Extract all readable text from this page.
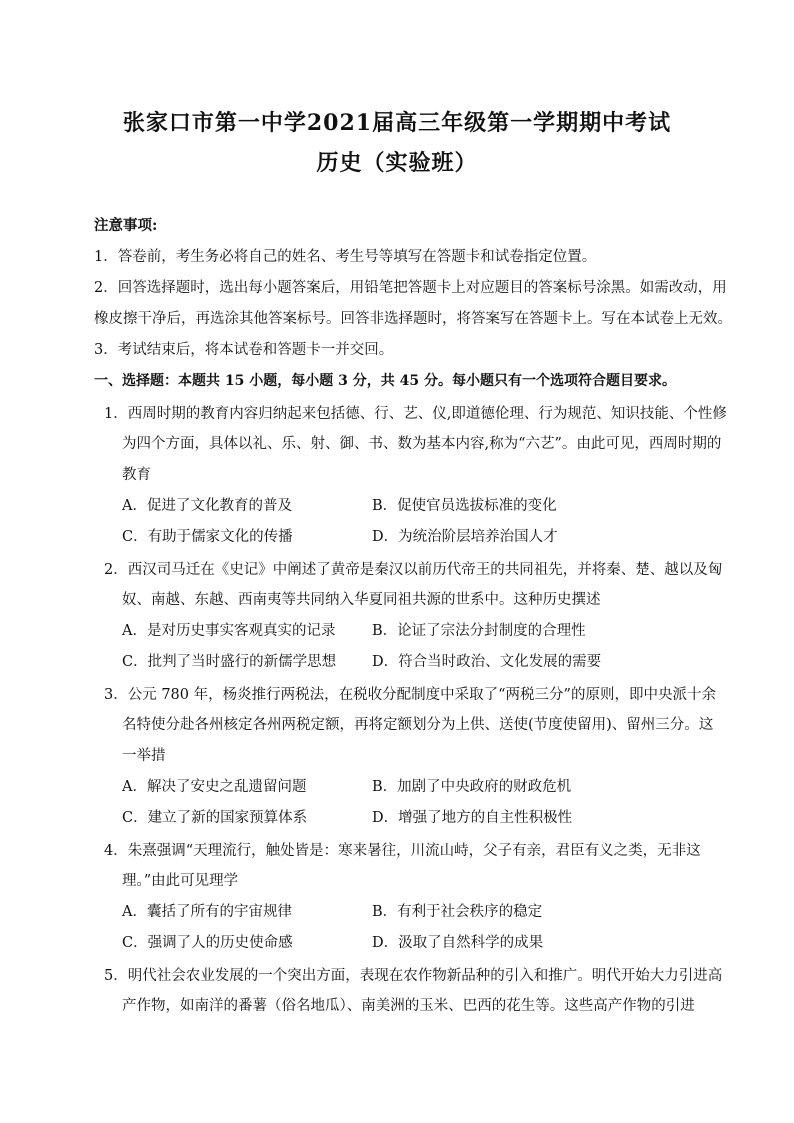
张家口市第一中学2021届高三年级第一学期期中考试
历史（实验班）
注意事项:
1．答卷前，考生务必将自己的姓名、考生号等填写在答题卡和试卷指定位置。
2．回答选择题时，选出每小题答案后，用铅笔把答题卡上对应题目的答案标号涂黑。如需改动，用
橡皮擦干净后，再选涂其他答案标号。回答非选择题时，将答案写在答题卡上。写在本试卷上无效。
3．考试结束后，将本试卷和答题卡一并交回。
一、选择题：本题共 15 小题，每小题 3 分，共 45 分。每小题只有一个选项符合题目要求。
1．西周时期的教育内容归纳起来包括德、行、艺、仪,即道德伦理、行为规范、知识技能、个性修
为四个方面，具体以礼、乐、射、御、书、数为基本内容,称为“六艺”。由此可见，西周时期的
教育
A．促进了文化教育的普及	B．促使官员选拔标准的变化
C．有助于儒家文化的传播	D．为统治阶层培养治国人才
2．西汉司马迁在《史记》中阐述了黄帝是秦汉以前历代帝王的共同祖先，并将秦、楚、越以及匈
奴、南越、东越、西南夷等共同纳入华夏同祖共源的世系中。这种历史撰述
A．是对历史事实客观真实的记录	B．论证了宗法分封制度的合理性
C．批判了当时盛行的新儒学思想 D．符合当时政治、文化发展的需要
3．公元 780 年，杨炎推行两税法，在税收分配制度中采取了“两税三分”的原则，即中央派十余
名特使分赴各州核定各州两税定额，再将定额划分为上供、送使(节度使留用)、留州三分。这
一举措
A．解决了安史之乱遗留问题	B．加剧了中央政府的财政危机
C．建立了新的国家预算体系	D．增强了地方的自主性积极性
4．朱熹强调“天理流行，触处皆是：寒来暑往，川流山峙，父子有亲，君臣有义之类，无非这
理。”由此可见理学
A．囊括了所有的宇宙规律	B．有利于社会秩序的稳定
C．强调了人的历史使命感	D．汲取了自然科学的成果
5．明代社会农业发展的一个突出方面，表现在农作物新品种的引入和推广。明代开始大力引进高
产作物，如南洋的番薯（俗名地瓜）、南美洲的玉米、巴西的花生等。这些高产作物的引进
